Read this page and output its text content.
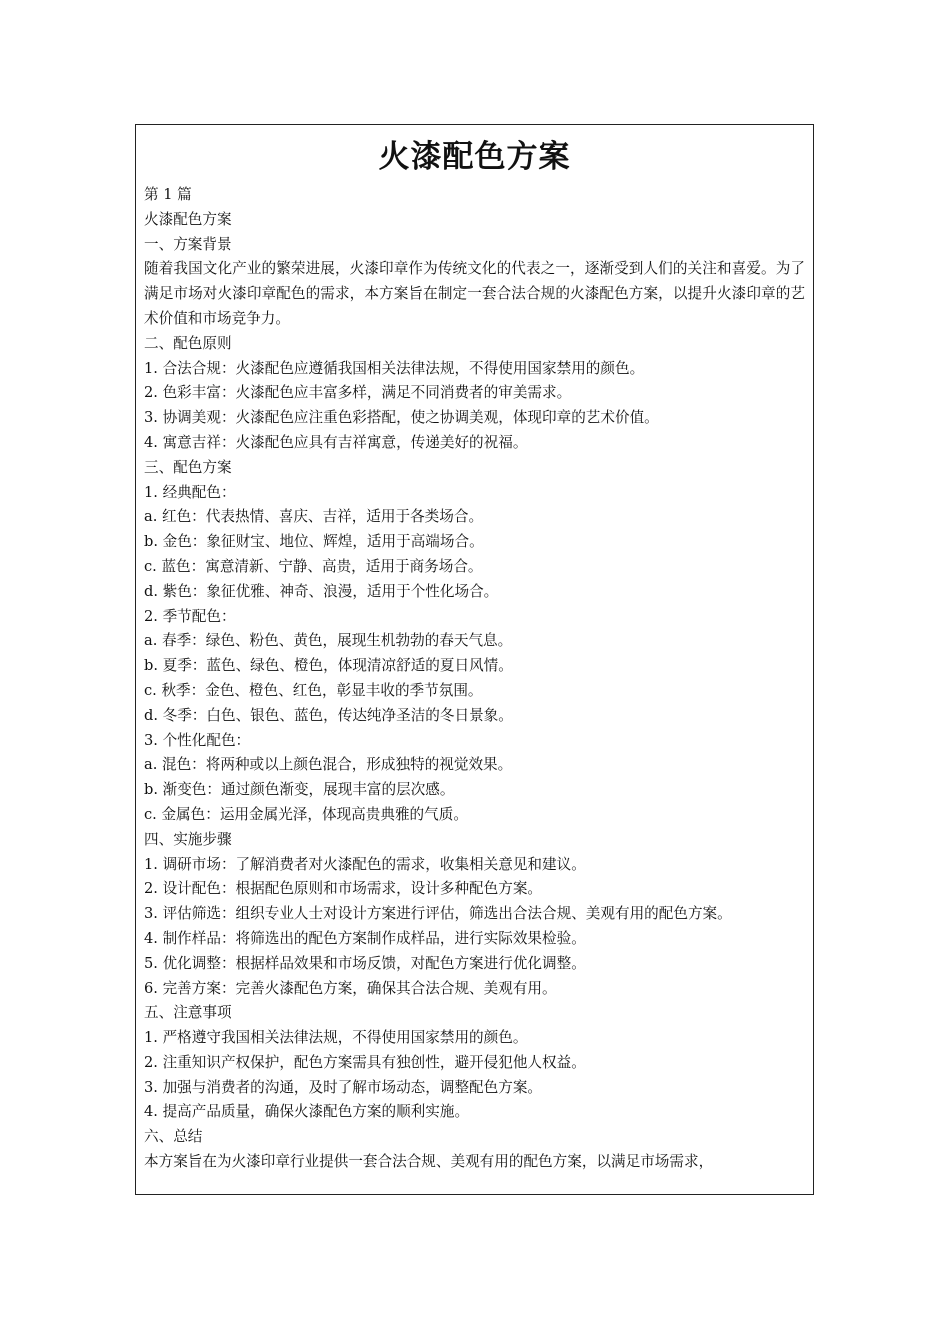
火漆配色方案
第 1 篇
火漆配色方案
一、方案背景
随着我国文化产业的繁荣进展，火漆印章作为传统文化的代表之一，逐渐受到人们的关注和喜爱。为了满足市场对火漆印章配色的需求，本方案旨在制定一套合法合规的火漆配色方案，以提升火漆印章的艺术价值和市场竞争力。
二、配色原则
1. 合法合规：火漆配色应遵循我国相关法律法规，不得使用国家禁用的颜色。
2. 色彩丰富：火漆配色应丰富多样，满足不同消费者的审美需求。
3. 协调美观：火漆配色应注重色彩搭配，使之协调美观，体现印章的艺术价值。
4. 寓意吉祥：火漆配色应具有吉祥寓意，传递美好的祝福。
三、配色方案
1. 经典配色：
a. 红色：代表热情、喜庆、吉祥，适用于各类场合。
b. 金色：象征财宝、地位、辉煌，适用于高端场合。
c. 蓝色：寓意清新、宁静、高贵，适用于商务场合。
d. 紫色：象征优雅、神奇、浪漫，适用于个性化场合。
2. 季节配色：
a. 春季：绿色、粉色、黄色，展现生机勃勃的春天气息。
b. 夏季：蓝色、绿色、橙色，体现清凉舒适的夏日风情。
c. 秋季：金色、橙色、红色，彰显丰收的季节氛围。
d. 冬季：白色、银色、蓝色，传达纯净圣洁的冬日景象。
3. 个性化配色：
a. 混色：将两种或以上颜色混合，形成独特的视觉效果。
b. 渐变色：通过颜色渐变，展现丰富的层次感。
c. 金属色：运用金属光泽，体现高贵典雅的气质。
四、实施步骤
1. 调研市场：了解消费者对火漆配色的需求，收集相关意见和建议。
2. 设计配色：根据配色原则和市场需求，设计多种配色方案。
3. 评估筛选：组织专业人士对设计方案进行评估，筛选出合法合规、美观有用的配色方案。
4. 制作样品：将筛选出的配色方案制作成样品，进行实际效果检验。
5. 优化调整：根据样品效果和市场反馈，对配色方案进行优化调整。
6. 完善方案：完善火漆配色方案，确保其合法合规、美观有用。
五、注意事项
1. 严格遵守我国相关法律法规，不得使用国家禁用的颜色。
2. 注重知识产权保护，配色方案需具有独创性，避开侵犯他人权益。
3. 加强与消费者的沟通，及时了解市场动态，调整配色方案。
4. 提高产品质量，确保火漆配色方案的顺利实施。
六、总结
本方案旨在为火漆印章行业提供一套合法合规、美观有用的配色方案，以满足市场需求，
